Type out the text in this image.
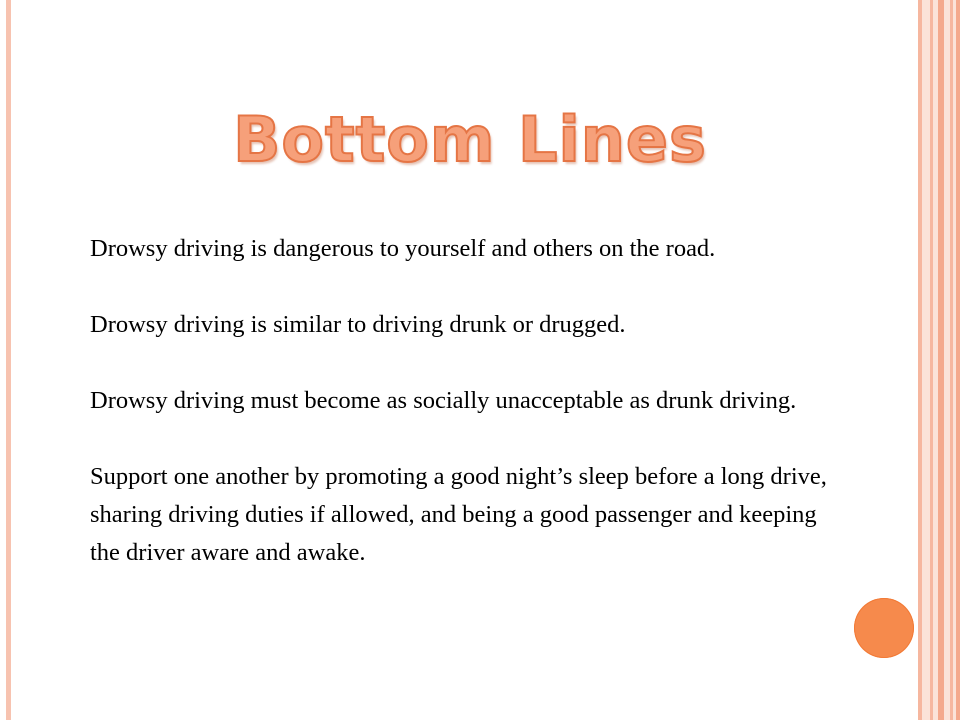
Bottom Lines

Drowsy driving is dangerous to yourself and others on the road.

Drowsy driving is similar to driving drunk or drugged.

Drowsy driving must become as socially unacceptable as drunk driving.

Support one another by promoting a good night’s sleep before a long drive, sharing driving duties if allowed, and being a good passenger and keeping the driver aware and awake.
